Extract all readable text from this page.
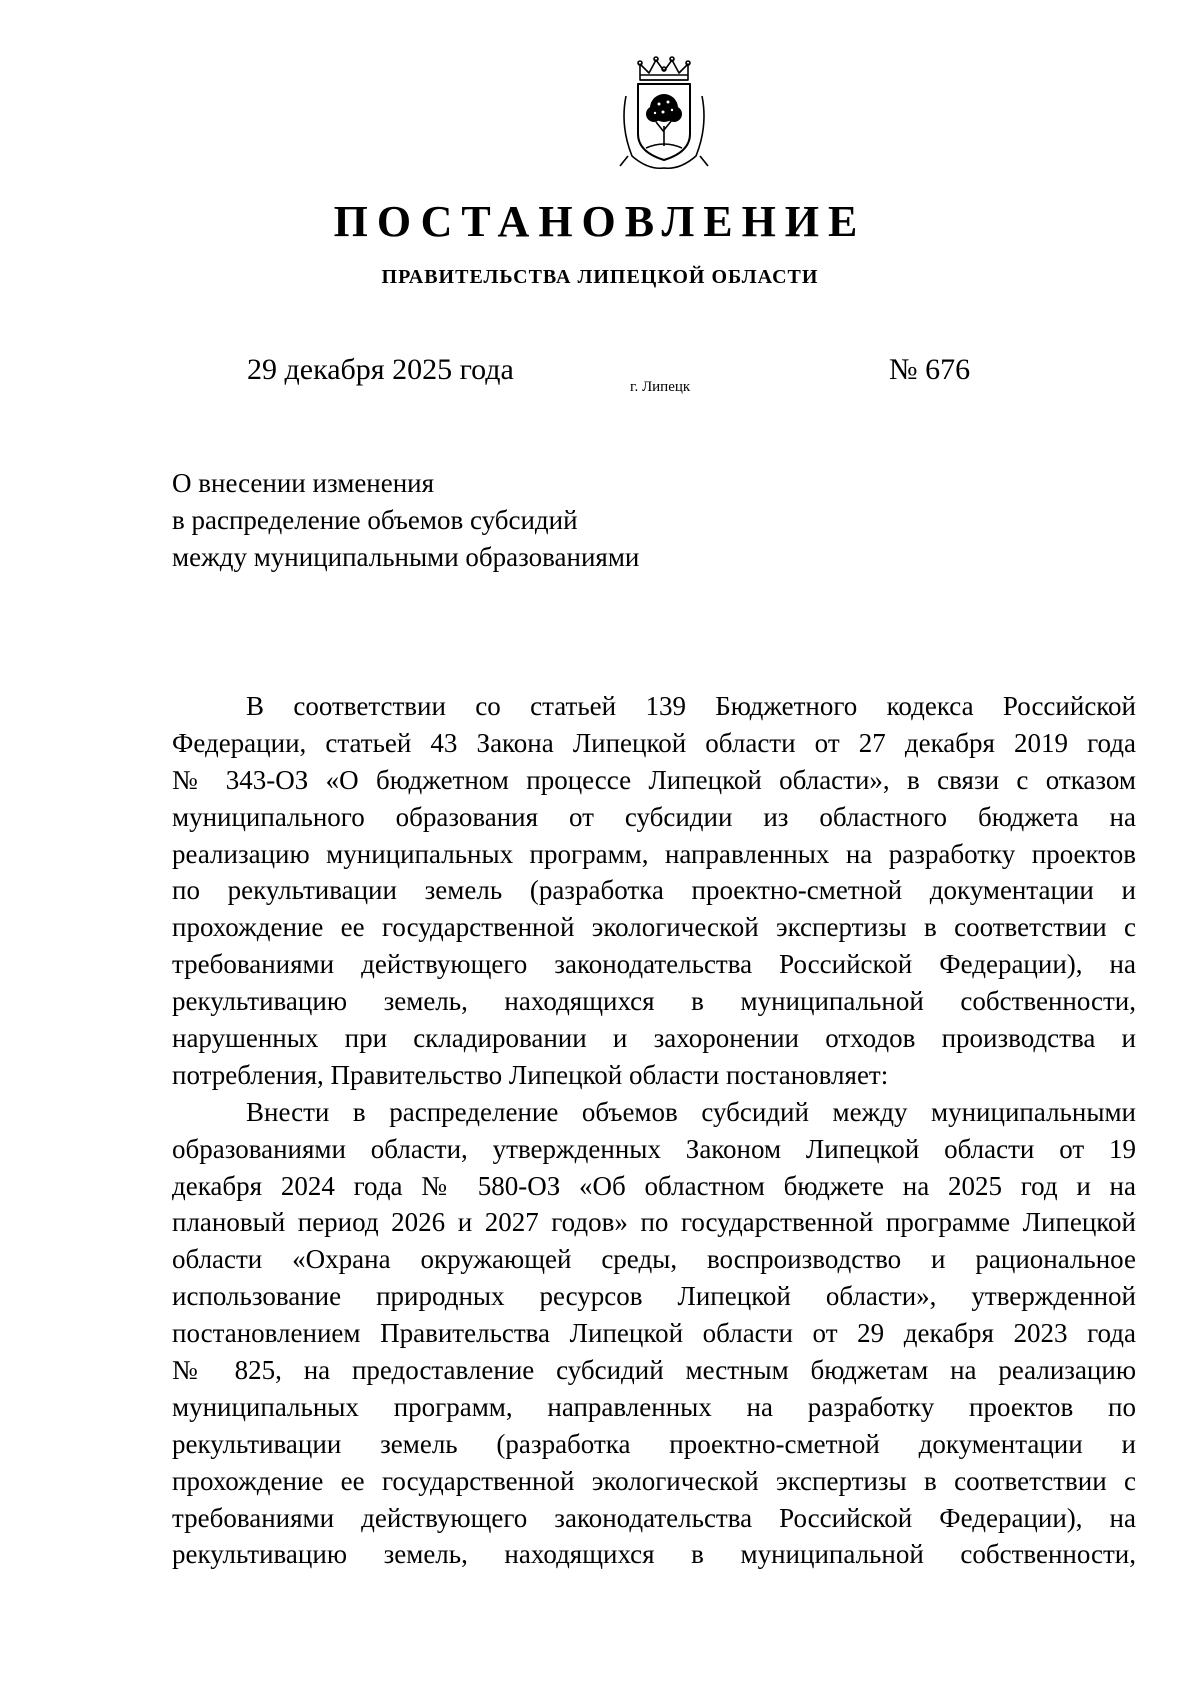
ПОСТАНОВЛЕНИЕ
ПРАВИТЕЛЬСТВА ЛИПЕЦКОЙ ОБЛАСТИ
29 декабря 2025 года
г. Липецк
№ 676
О внесении изменения
в распределение объемов субсидий
между муниципальными образованиями
В соответствии со статьей 139 Бюджетного кодекса Российской
Федерации, статьей 43 Закона Липецкой области от 27 декабря 2019 года
№ 343-ОЗ «О бюджетном процессе Липецкой области», в связи с отказом
муниципального образования от субсидии из областного бюджета на
реализацию муниципальных программ, направленных на разработку проектов
по рекультивации земель (разработка проектно-сметной документации и
прохождение ее государственной экологической экспертизы в соответствии с
требованиями действующего законодательства Российской Федерации), на
рекультивацию земель, находящихся в муниципальной собственности,
нарушенных при складировании и захоронении отходов производства и
потребления, Правительство Липецкой области постановляет:
Внести в распределение объемов субсидий между муниципальными
образованиями области, утвержденных Законом Липецкой области от 19
декабря 2024 года № 580-ОЗ «Об областном бюджете на 2025 год и на
плановый период 2026 и 2027 годов» по государственной программе Липецкой
области «Охрана окружающей среды, воспроизводство и рациональное
использование природных ресурсов Липецкой области», утвержденной
постановлением Правительства Липецкой области от 29 декабря 2023 года
№ 825, на предоставление субсидий местным бюджетам на реализацию
муниципальных программ, направленных на разработку проектов по
рекультивации земель (разработка проектно-сметной документации и
прохождение ее государственной экологической экспертизы в соответствии с
требованиями действующего законодательства Российской Федерации), на
рекультивацию земель, находящихся в муниципальной собственности,
